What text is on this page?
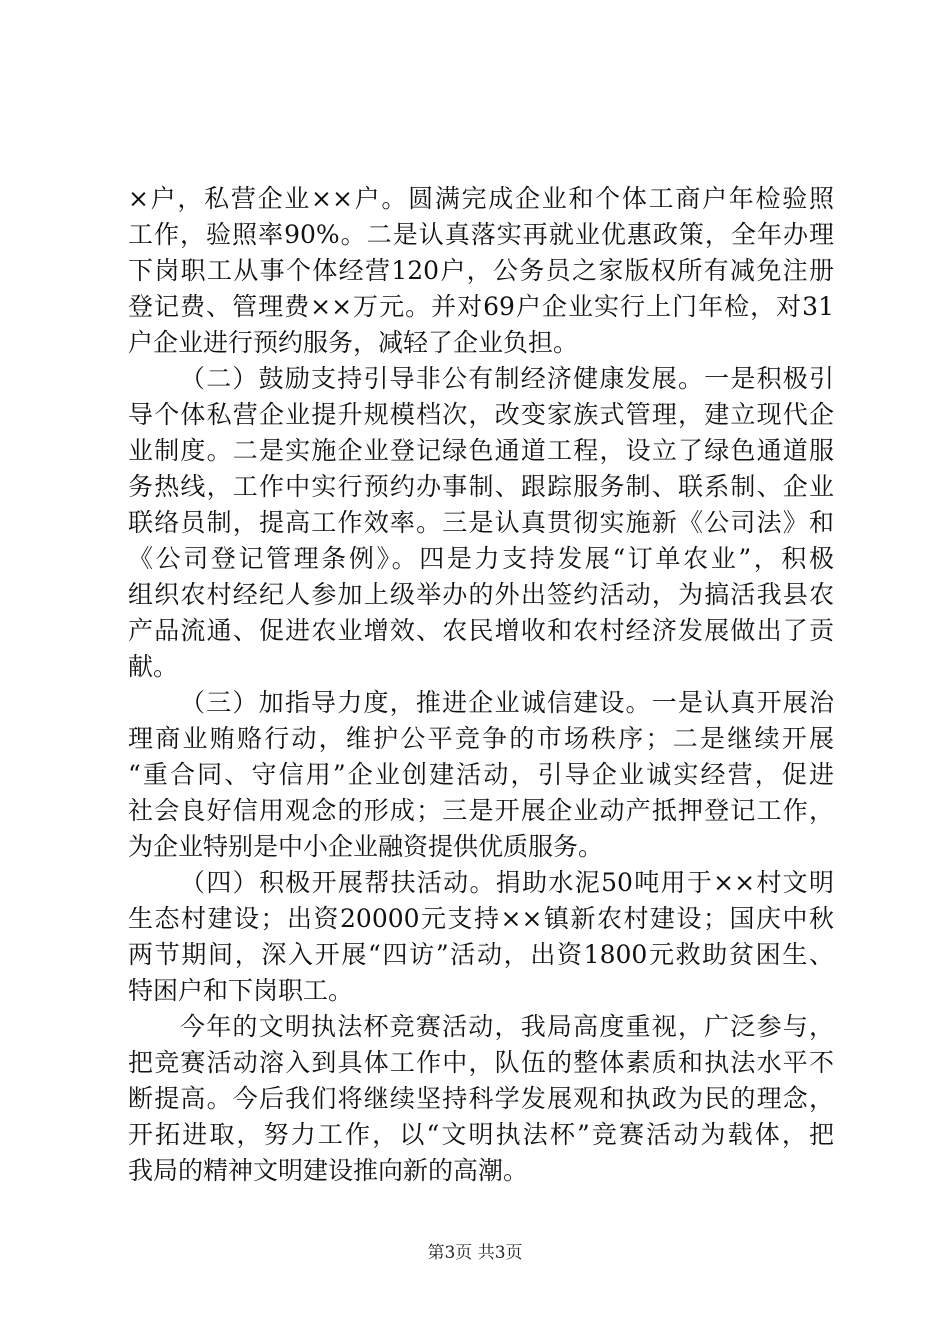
×户，私营企业××户。圆满完成企业和个体工商户年检验照
工作，验照率90%。二是认真落实再就业优惠政策，全年办理
下岗职工从事个体经营120户，公务员之家版权所有减免注册
登记费、管理费××万元。并对69户企业实行上门年检，对31
户企业进行预约服务，减轻了企业负担。
（二）鼓励支持引导非公有制经济健康发展。一是积极引
导个体私营企业提升规模档次，改变家族式管理，建立现代企
业制度。二是实施企业登记绿色通道工程，设立了绿色通道服
务热线，工作中实行预约办事制、跟踪服务制、联系制、企业
联络员制，提高工作效率。三是认真贯彻实施新《公司法》和
《公司登记管理条例》。四是力支持发展“订单农业”，积极
组织农村经纪人参加上级举办的外出签约活动，为搞活我县农
产品流通、促进农业增效、农民增收和农村经济发展做出了贡
献。
（三）加指导力度，推进企业诚信建设。一是认真开展治
理商业贿赂行动，维护公平竞争的市场秩序；二是继续开展
“重合同、守信用”企业创建活动，引导企业诚实经营，促进
社会良好信用观念的形成；三是开展企业动产抵押登记工作，
为企业特别是中小企业融资提供优质服务。
（四）积极开展帮扶活动。捐助水泥50吨用于××村文明
生态村建设；出资20000元支持××镇新农村建设；国庆中秋
两节期间，深入开展“四访”活动，出资1800元救助贫困生、
特困户和下岗职工。
今年的文明执法杯竞赛活动，我局高度重视，广泛参与，
把竞赛活动溶入到具体工作中，队伍的整体素质和执法水平不
断提高。今后我们将继续坚持科学发展观和执政为民的理念，
开拓进取，努力工作，以“文明执法杯”竞赛活动为载体，把
我局的精神文明建设推向新的高潮。
第3页 共3页
